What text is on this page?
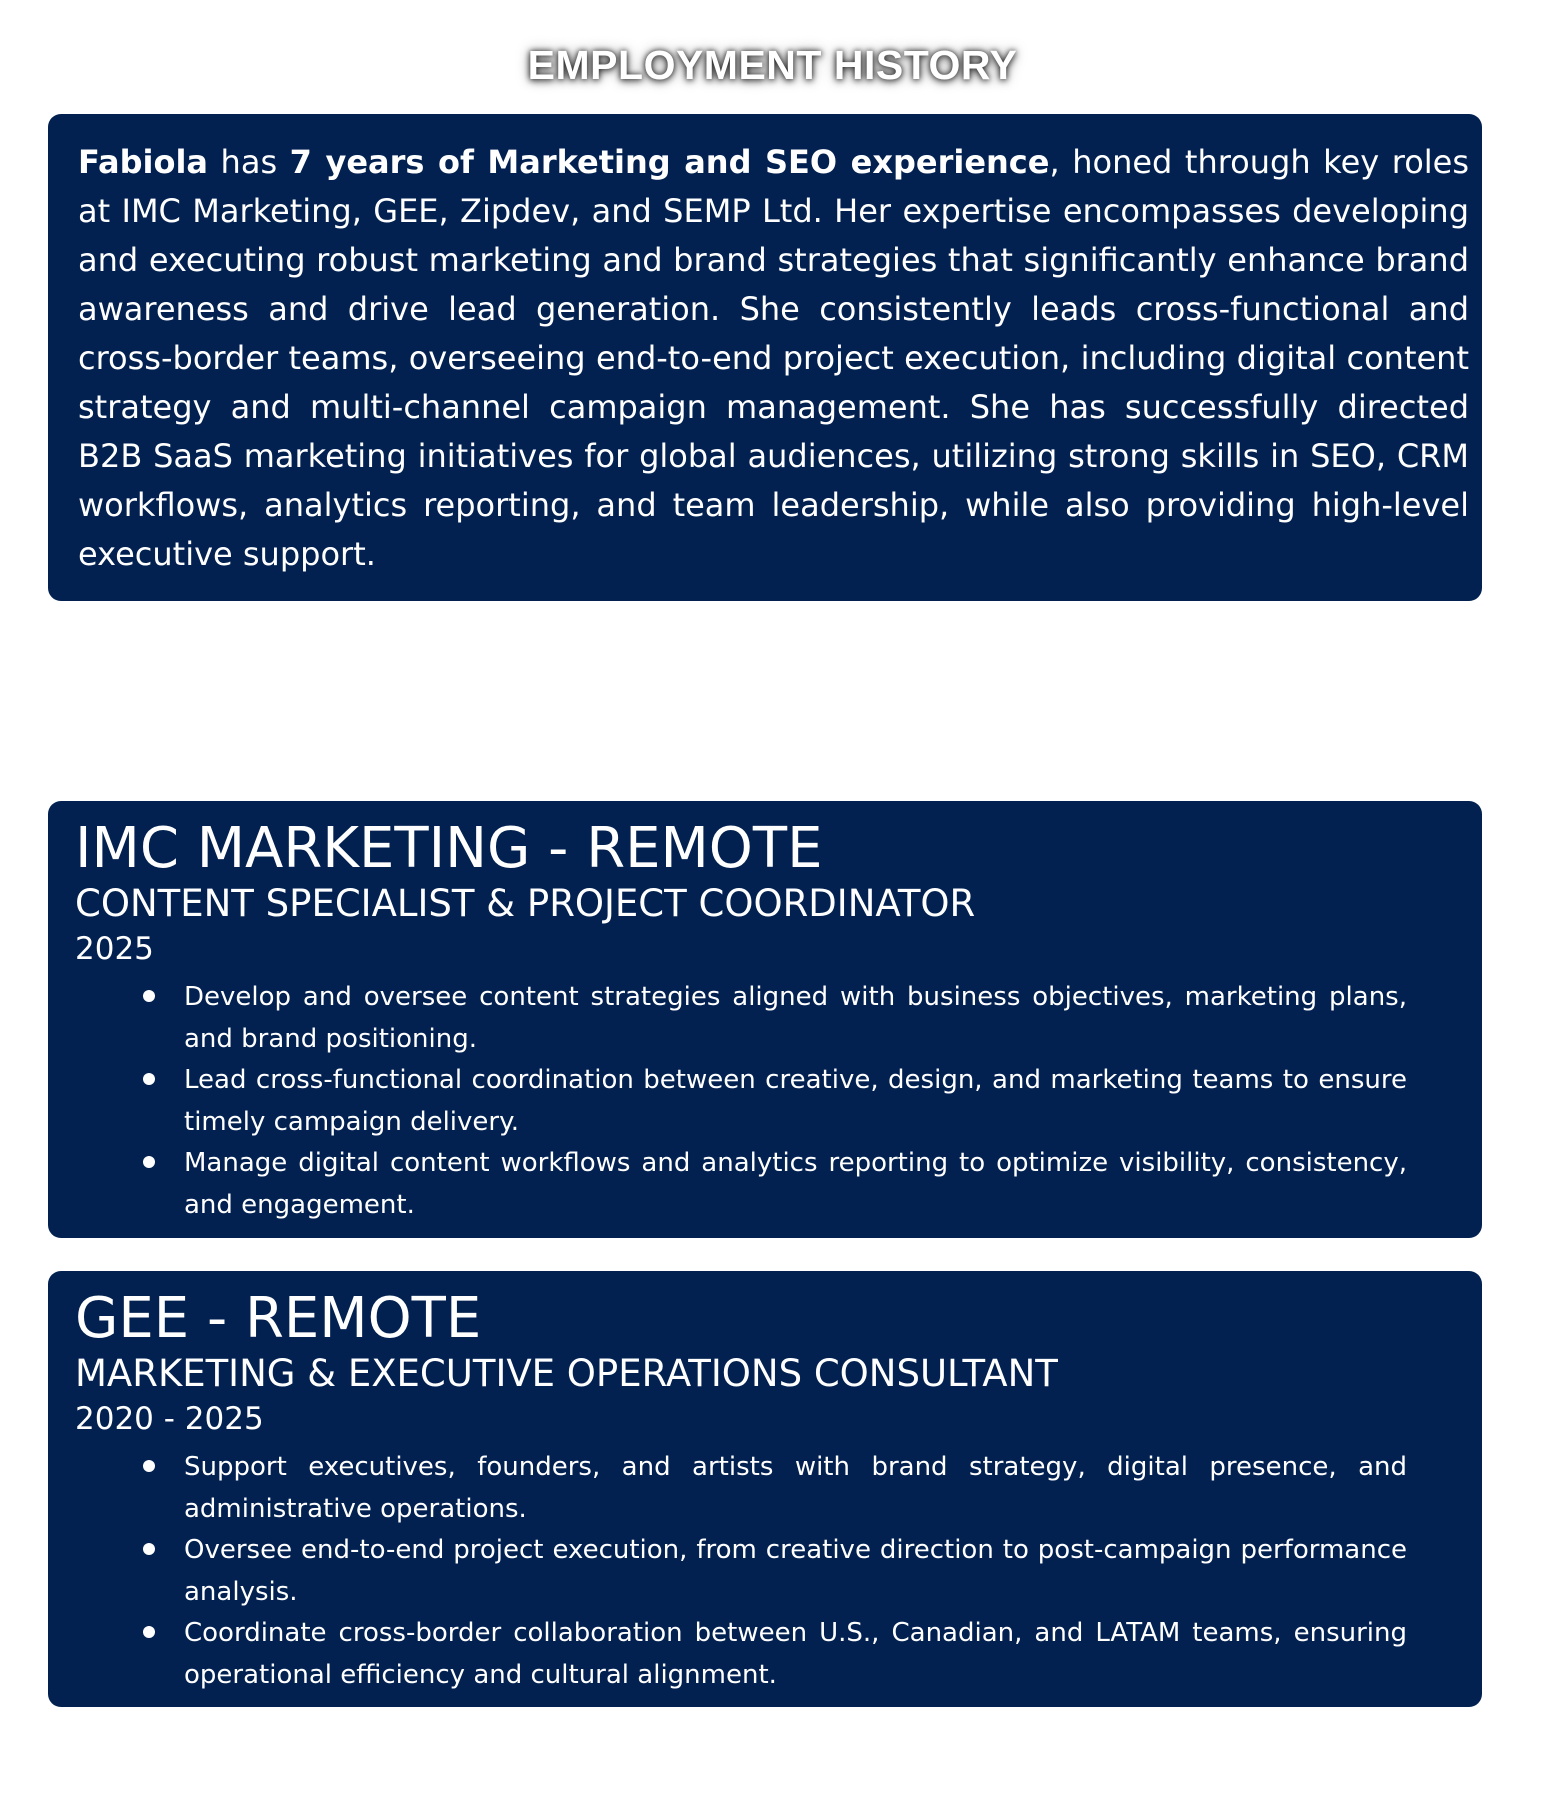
EMPLOYMENT HISTORY

Fabiola has 7 years of Marketing and SEO experience, honed through key roles at IMC Marketing, GEE, Zipdev, and SEMP Ltd. Her expertise encompasses developing and executing robust marketing and brand strategies that significantly enhance brand awareness and drive lead generation. She consistently leads cross-functional and cross-border teams, overseeing end-to-end project execution, including digital content strategy and multi-channel campaign management. She has successfully directed B2B SaaS marketing initiatives for global audiences, utilizing strong skills in SEO, CRM workflows, analytics reporting, and team leadership, while also providing high-level executive support.

IMC MARKETING - REMOTE
CONTENT SPECIALIST & PROJECT COORDINATOR
2025
Develop and oversee content strategies aligned with business objectives, marketing plans, and brand positioning.
Lead cross-functional coordination between creative, design, and marketing teams to ensure timely campaign delivery.
Manage digital content workflows and analytics reporting to optimize visibility, consistency, and engagement.
GEE - REMOTE
MARKETING & EXECUTIVE OPERATIONS CONSULTANT
2020 - 2025
Support executives, founders, and artists with brand strategy, digital presence, and administrative operations.
Oversee end-to-end project execution, from creative direction to post-campaign performance analysis.
Coordinate cross-border collaboration between U.S., Canadian, and LATAM teams, ensuring operational efficiency and cultural alignment.
